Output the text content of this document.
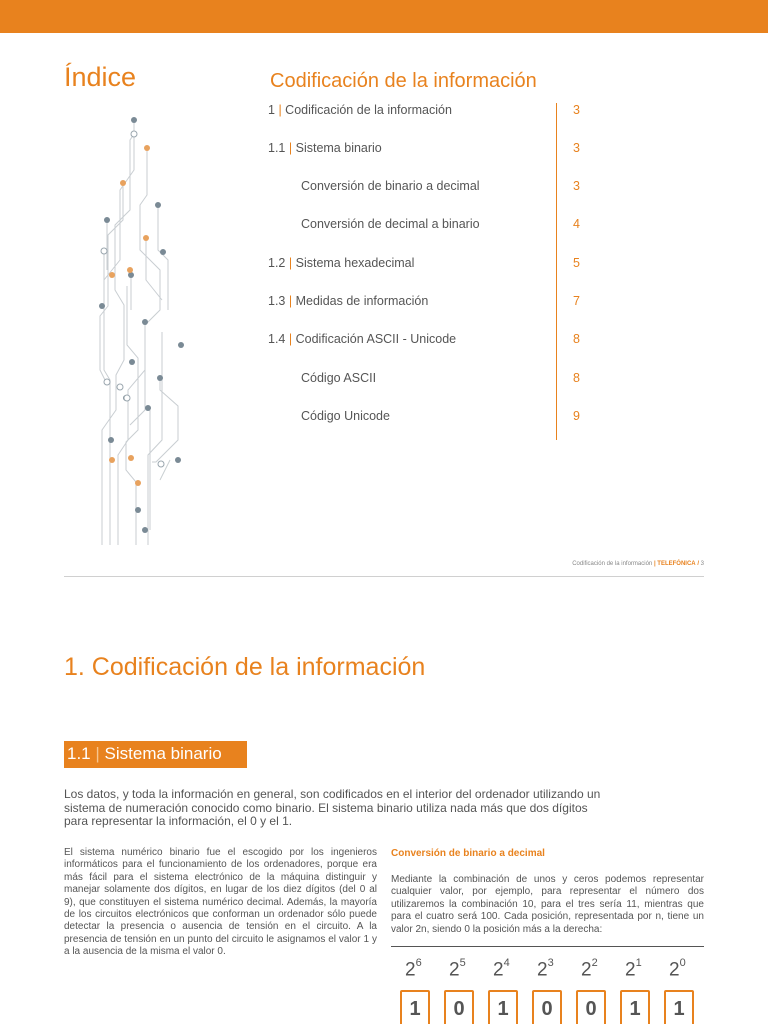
Índice	Codificación de la información
1 | Codificación de la información	3
1.1 | Sistema binario	3
Conversión de binario a decimal	3
Conversión de decimal a binario	4
1.2 | Sistema hexadecimal	5
1.3 | Medidas de información	7
1.4 | Codificación ASCII - Unicode	8
Código ASCII	8
Código Unicode	9
Codificación de la información | TELEFÓNICA / 3
1. Codificación de la información
1.1 | Sistema binario

Los datos, y toda la información en general, son codificados en el interior del ordenador utilizando un sistema de numeración conocido como binario. El sistema binario utiliza nada más que dos dígitos para representar la información, el 0 y el 1.

El sistema numérico binario fue el escogido por los ingenieros informáticos para el funcionamiento de los ordenadores, porque era más fácil para el sistema electrónico de la máquina distinguir y manejar solamente dos dígitos, en lugar de los diez dígitos (del 0 al 9), que constituyen el sistema numérico decimal. Además, la mayoría de los circuitos electrónicos que conforman un ordenador sólo puede detectar la presencia o ausencia de tensión en el circuito. A la presencia de tensión en un punto del circuito le asignamos el valor 1 y a la ausencia de la misma el valor 0.

Conversión de binario a decimal

Mediante la combinación de unos y ceros podemos representar cualquier valor, por ejemplo, para representar el número dos utilizaremos la combinación 10, para el tres sería 11, mientras que para el cuatro será 100. Cada posición, representada por n, tiene un valor 2n, siendo 0 la posición más a la derecha:

$2^6$ $2^5$ $2^4$ $2^3$ $2^2$ $2^1$ $2^0$
1	0	1	0	0	1	1
